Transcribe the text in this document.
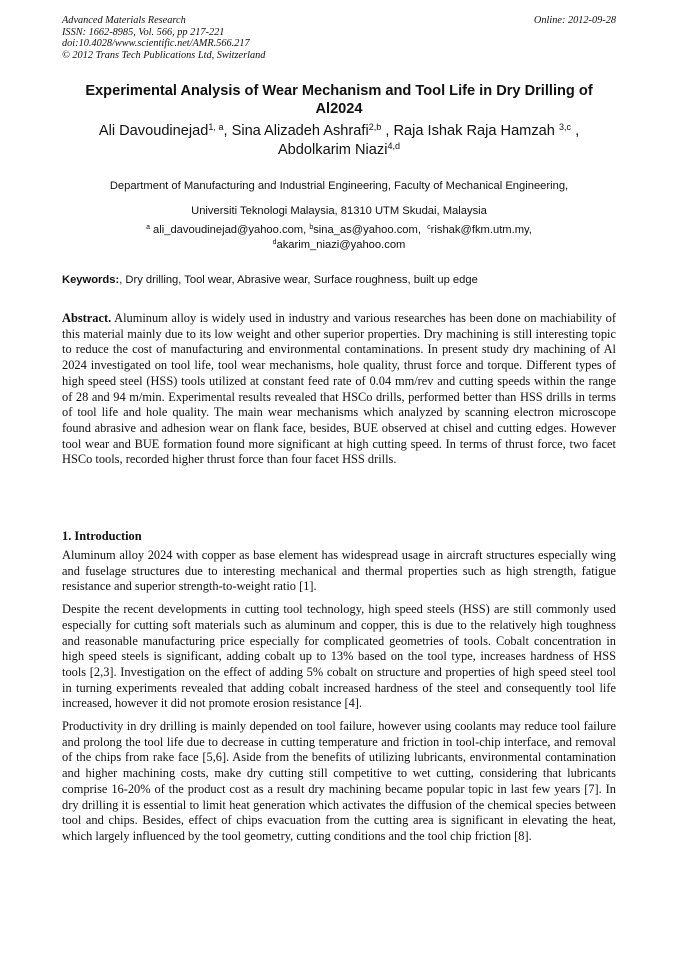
Advanced Materials Research
ISSN: 1662-8985, Vol. 566, pp 217-221
doi:10.4028/www.scientific.net/AMR.566.217
© 2012 Trans Tech Publications Ltd, Switzerland
Online: 2012-09-28
Experimental Analysis of Wear Mechanism and Tool Life in Dry Drilling of Al2024
Ali Davoudinejad$^{1, a}$, Sina Alizadeh Ashrafi$^{2,b}$ , Raja Ishak Raja Hamzah $^{3,c}$ ,
Abdolkarim Niazi$^{4,d}$
Department of Manufacturing and Industrial Engineering, Faculty of Mechanical Engineering,
Universiti Teknologi Malaysia, 81310 UTM Skudai, Malaysia
$^a$ ali_davoudinejad@yahoo.com, $^b$sina_as@yahoo.com, $^c$rishak@fkm.utm.my,
$^d$akarim_niazi@yahoo.com
Keywords:, Dry drilling, Tool wear, Abrasive wear, Surface roughness, built up edge

Abstract. Aluminum alloy is widely used in industry and various researches has been done on machiability of this material mainly due to its low weight and other superior properties. Dry machining is still interesting topic to reduce the cost of manufacturing and environmental contaminations. In present study dry machining of Al 2024 investigated on tool life, tool wear mechanisms, hole quality, thrust force and torque. Different types of high speed steel (HSS) tools utilized at constant feed rate of 0.04 mm/rev and cutting speeds within the range of 28 and 94 m/min. Experimental results revealed that HSCo drills, performed better than HSS drills in terms of tool life and hole quality. The main wear mechanisms which analyzed by scanning electron microscope found abrasive and adhesion wear on flank face, besides, BUE observed at chisel and cutting edges. However tool wear and BUE formation found more significant at high cutting speed. In terms of thrust force, two facet HSCo tools, recorded higher thrust force than four facet HSS drills.

1. Introduction

Aluminum alloy 2024 with copper as base element has widespread usage in aircraft structures especially wing and fuselage structures due to interesting mechanical and thermal properties such as high strength, fatigue resistance and superior strength-to-weight ratio [1].

Despite the recent developments in cutting tool technology, high speed steels (HSS) are still commonly used especially for cutting soft materials such as aluminum and copper, this is due to the relatively high toughness and reasonable manufacturing price especially for complicated geometries of tools. Cobalt concentration in high speed steels is significant, adding cobalt up to 13% based on the tool type, increases hardness of HSS tools [2,3]. Investigation on the effect of adding 5% cobalt on structure and properties of high speed steel tool in turning experiments revealed that adding cobalt increased hardness of the steel and consequently tool life increased, however it did not promote erosion resistance [4].

Productivity in dry drilling is mainly depended on tool failure, however using coolants may reduce tool failure and prolong the tool life due to decrease in cutting temperature and friction in tool-chip interface, and removal of the chips from rake face [5,6]. Aside from the benefits of utilizing lubricants, environmental contamination and higher machining costs, make dry cutting still competitive to wet cutting, considering that lubricants comprise 16-20% of the product cost as a result dry machining became popular topic in last few years [7]. In dry drilling it is essential to limit heat generation which activates the diffusion of the chemical species between tool and chips. Besides, effect of chips evacuation from the cutting area is significant in elevating the heat, which largely influenced by the tool geometry, cutting conditions and the tool chip friction [8].
